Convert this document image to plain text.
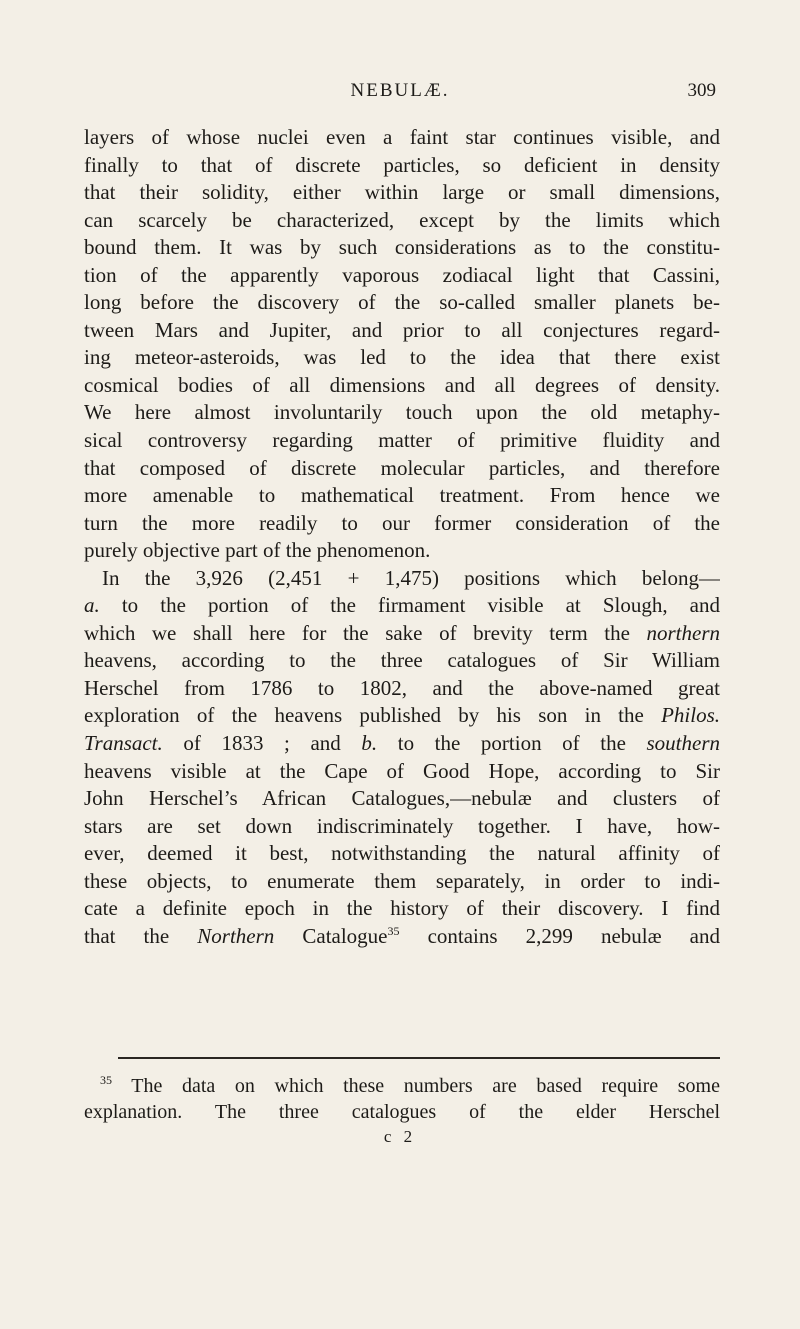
NEBULÆ.	309
layers of whose nuclei even a faint star continues visible, and
finally to that of discrete particles, so deficient in density
that their solidity, either within large or small dimensions,
can scarcely be characterized, except by the limits which
bound them. It was by such considerations as to the constitu-
tion of the apparently vaporous zodiacal light that Cassini,
long before the discovery of the so-called smaller planets be-
tween Mars and Jupiter, and prior to all conjectures regard-
ing meteor-asteroids, was led to the idea that there exist
cosmical bodies of all dimensions and all degrees of density.
We here almost involuntarily touch upon the old metaphy-
sical controversy regarding matter of primitive fluidity and
that composed of discrete molecular particles, and therefore
more amenable to mathematical treatment. From hence we
turn the more readily to our former consideration of the
purely objective part of the phenomenon.
In the 3,926 (2,451 + 1,475) positions which belong—
a. to the portion of the firmament visible at Slough, and
which we shall here for the sake of brevity term the northern
heavens, according to the three catalogues of Sir William
Herschel from 1786 to 1802, and the above-named great
exploration of the heavens published by his son in the Philos.
Transact. of 1833 ; and b. to the portion of the southern
heavens visible at the Cape of Good Hope, according to Sir
John Herschel’s African Catalogues,—nebulæ and clusters of
stars are set down indiscriminately together. I have, how-
ever, deemed it best, notwithstanding the natural affinity of
these objects, to enumerate them separately, in order to indi-
cate a definite epoch in the history of their discovery. I find
that the Northern Catalogue$^{35}$ contains 2,299 nebulæ and
$^{35}$ The data on which these numbers are based require some
explanation. The three catalogues of the elder Herschel
c 2
